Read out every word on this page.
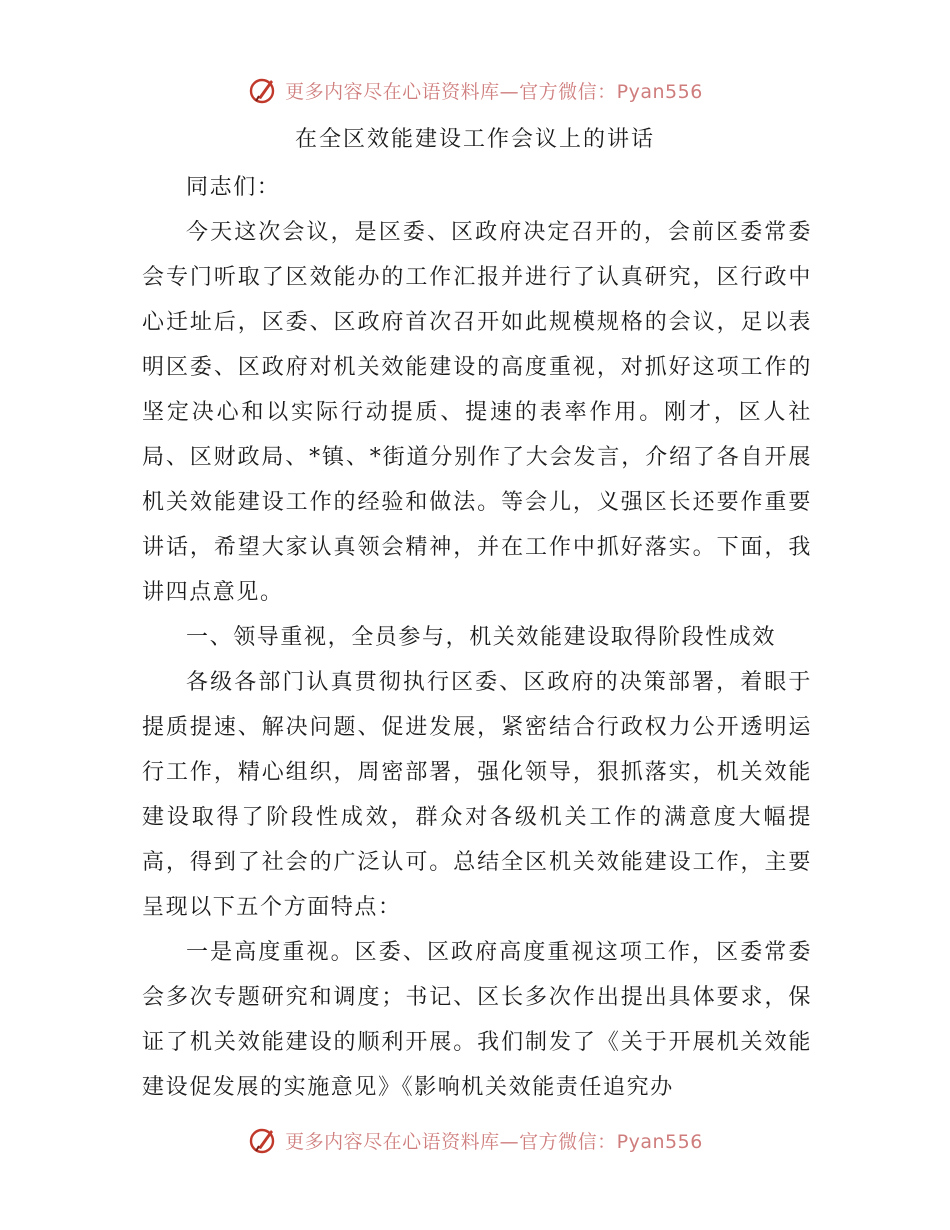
更多内容尽在心语资料库—官方微信：Pyan556
在全区效能建设工作会议上的讲话

同志们：

今天这次会议，是区委、区政府决定召开的，会前区委常委会专门听取了区效能办的工作汇报并进行了认真研究，区行政中心迁址后，区委、区政府首次召开如此规模规格的会议，足以表明区委、区政府对机关效能建设的高度重视，对抓好这项工作的坚定决心和以实际行动提质、提速的表率作用。刚才，区人社局、区财政局、*镇、*街道分别作了大会发言，介绍了各自开展机关效能建设工作的经验和做法。等会儿，义强区长还要作重要讲话，希望大家认真领会精神，并在工作中抓好落实。下面，我讲四点意见。

一、领导重视，全员参与，机关效能建设取得阶段性成效

各级各部门认真贯彻执行区委、区政府的决策部署，着眼于提质提速、解决问题、促进发展，紧密结合行政权力公开透明运行工作，精心组织，周密部署，强化领导，狠抓落实，机关效能建设取得了阶段性成效，群众对各级机关工作的满意度大幅提高，得到了社会的广泛认可。总结全区机关效能建设工作，主要呈现以下五个方面特点：

一是高度重视。区委、区政府高度重视这项工作，区委常委会多次专题研究和调度；书记、区长多次作出提出具体要求，保证了机关效能建设的顺利开展。我们制发了《关于开展机关效能建设促发展的实施意见》《影响机关效能责任追究办

更多内容尽在心语资料库—官方微信：Pyan556
